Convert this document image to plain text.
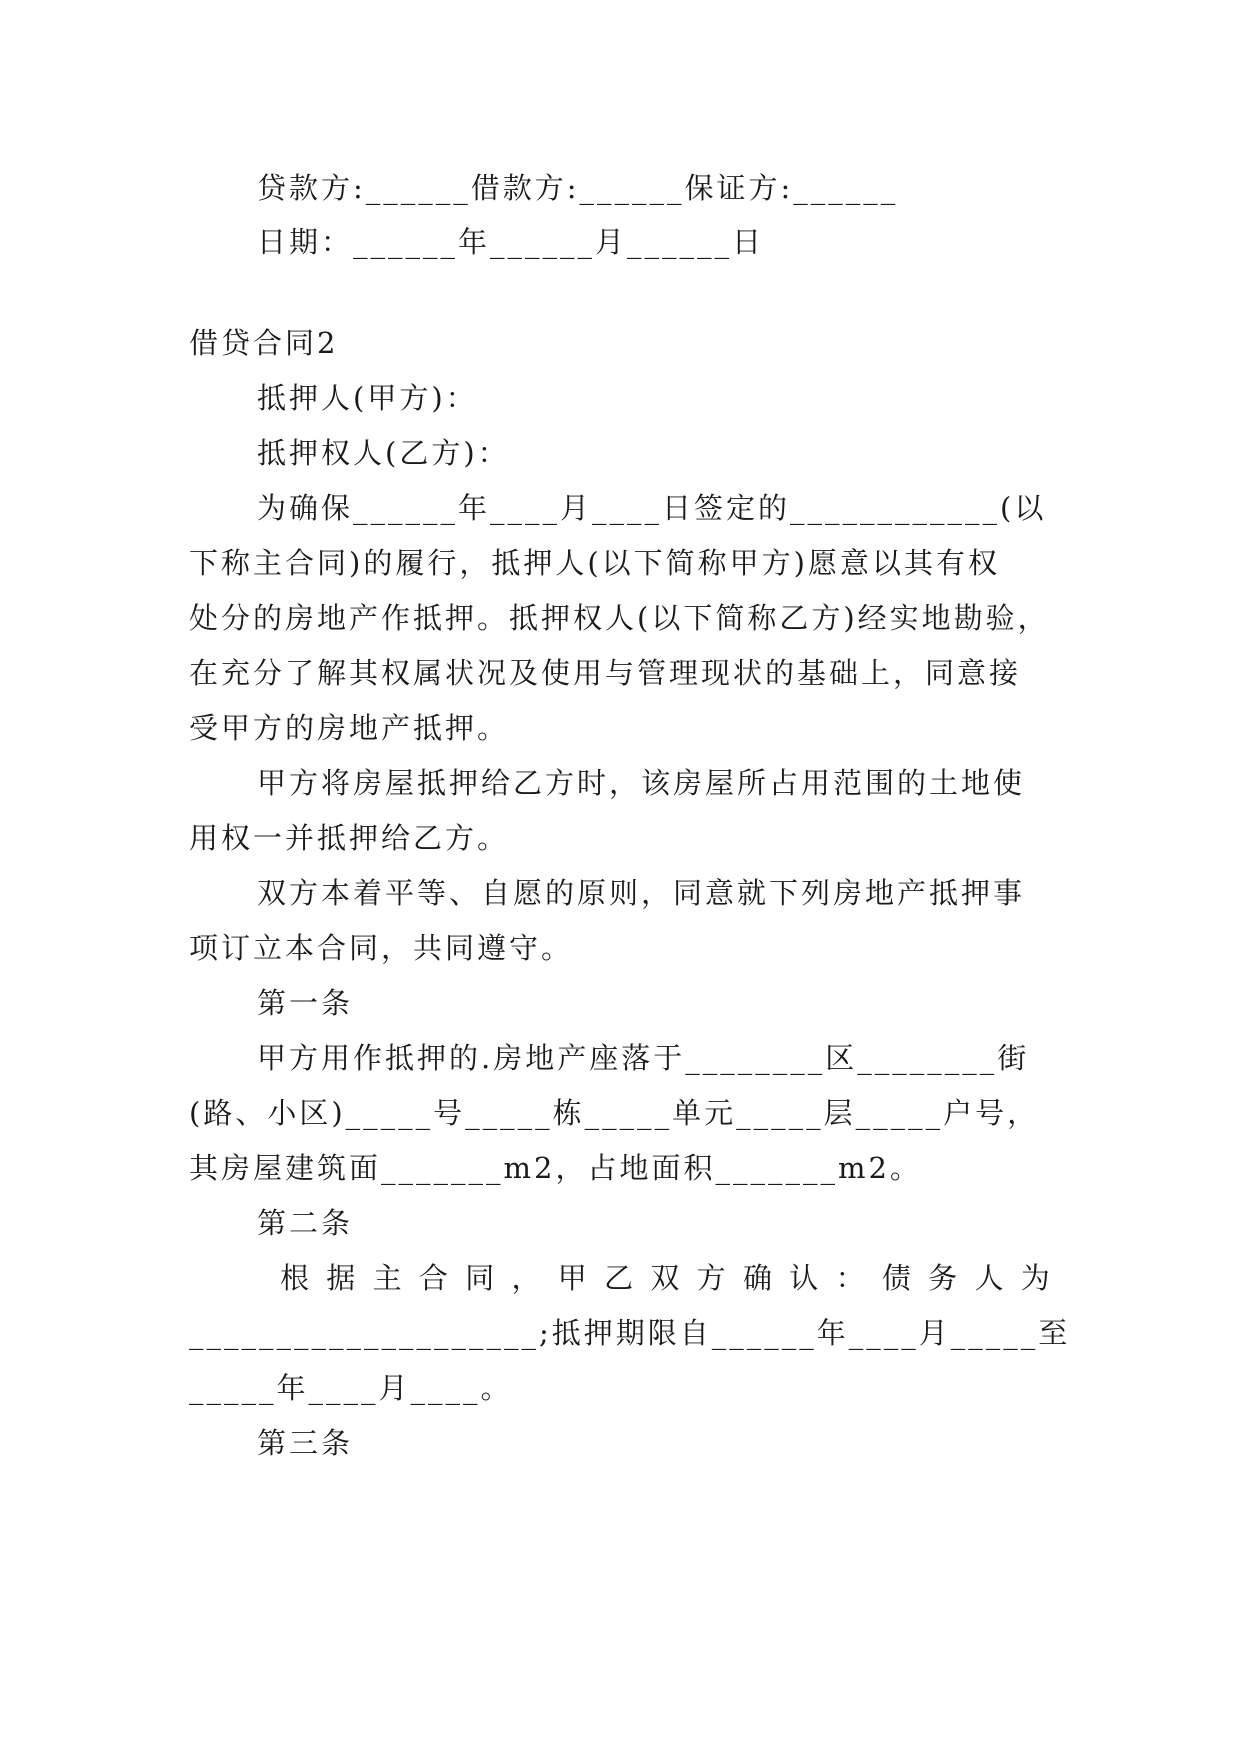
贷款方:______借款方:______保证方:______
日期：______年______月______日
借贷合同2
抵押人(甲方)：
抵押权人(乙方)：
为确保______年____月____日签定的____________(以
下称主合同)的履行，抵押人(以下简称甲方)愿意以其有权
处分的房地产作抵押。抵押权人(以下简称乙方)经实地勘验，
在充分了解其权属状况及使用与管理现状的基础上，同意接
受甲方的房地产抵押。
甲方将房屋抵押给乙方时，该房屋所占用范围的土地使
用权一并抵押给乙方。
双方本着平等、自愿的原则，同意就下列房地产抵押事
项订立本合同，共同遵守。
第一条
甲方用作抵押的.房地产座落于________区________街
(路、小区)_____号_____栋_____单元_____层_____户号，
其房屋建筑面_______m2，占地面积_______m2。
第二条
根 据 主 合 同 ， 甲 乙 双 方 确 认 ： 债 务 人 为
____________________;抵押期限自______年____月_____至
_____年____月____。
第三条
